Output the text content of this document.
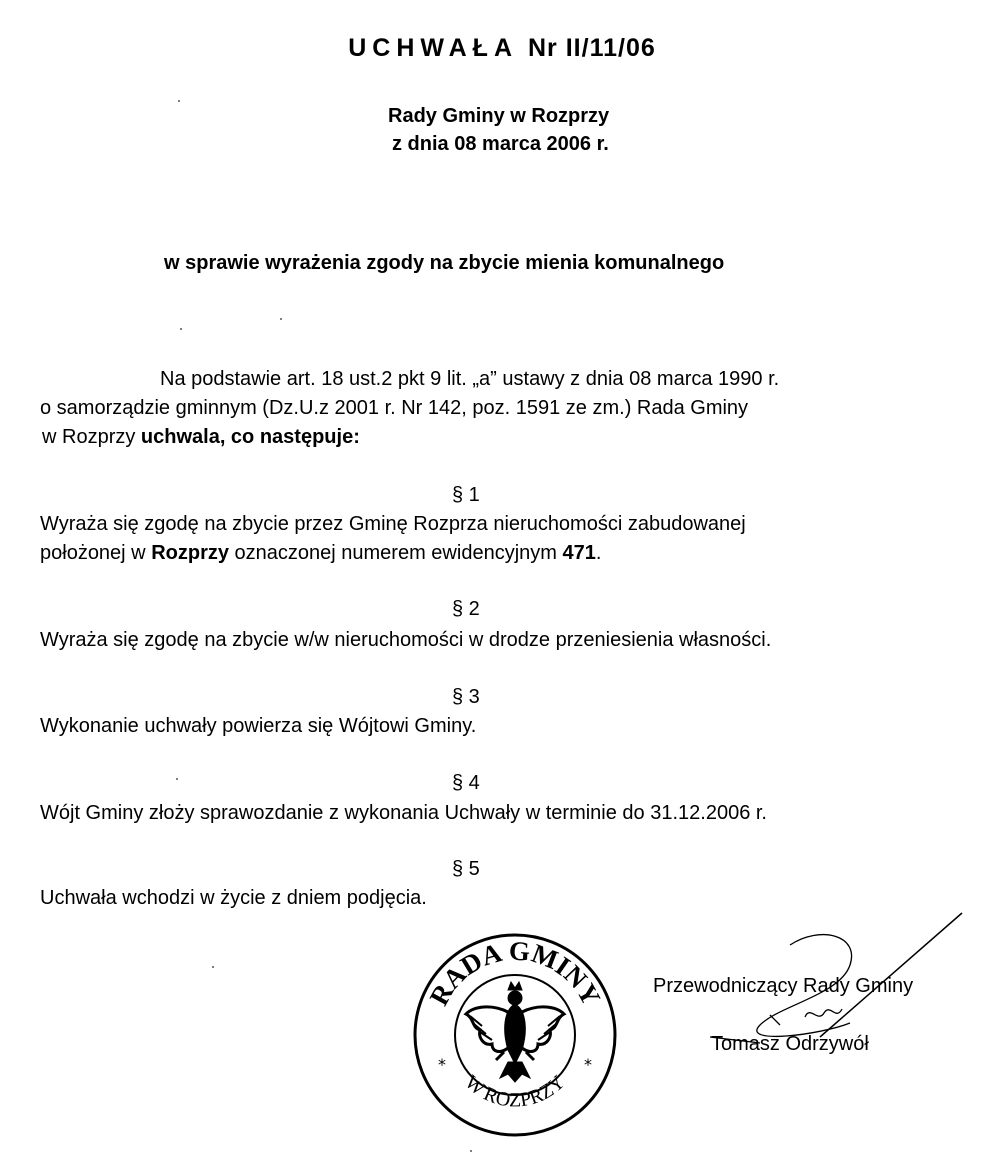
UCHWAŁA Nr II/11/06
Rady Gminy w Rozprzy
z dnia 08 marca 2006 r.
w sprawie wyrażenia zgody na zbycie mienia komunalnego
Na podstawie art. 18 ust.2 pkt 9 lit. „a” ustawy z dnia 08 marca 1990 r.
o samorządzie gminnym (Dz.U.z 2001 r. Nr 142, poz. 1591 ze zm.) Rada Gminy
w Rozprzy uchwala, co następuje:
§ 1
Wyraża się zgodę na zbycie przez Gminę Rozprza nieruchomości zabudowanej
położonej w Rozprzy oznaczonej numerem ewidencyjnym 471.
§ 2
Wyraża się zgodę na zbycie w/w nieruchomości w drodze przeniesienia własności.
§ 3
Wykonanie uchwały powierza się Wójtowi Gminy.
§ 4
Wójt Gminy złoży sprawozdanie z wykonania Uchwały w terminie do 31.12.2006 r.
§ 5
Uchwała wchodzi w życie z dniem podjęcia.
RADA GMINY
W ROZPRZY
*	*
Przewodniczący Rady Gminy
Tomasz Odrzywół
